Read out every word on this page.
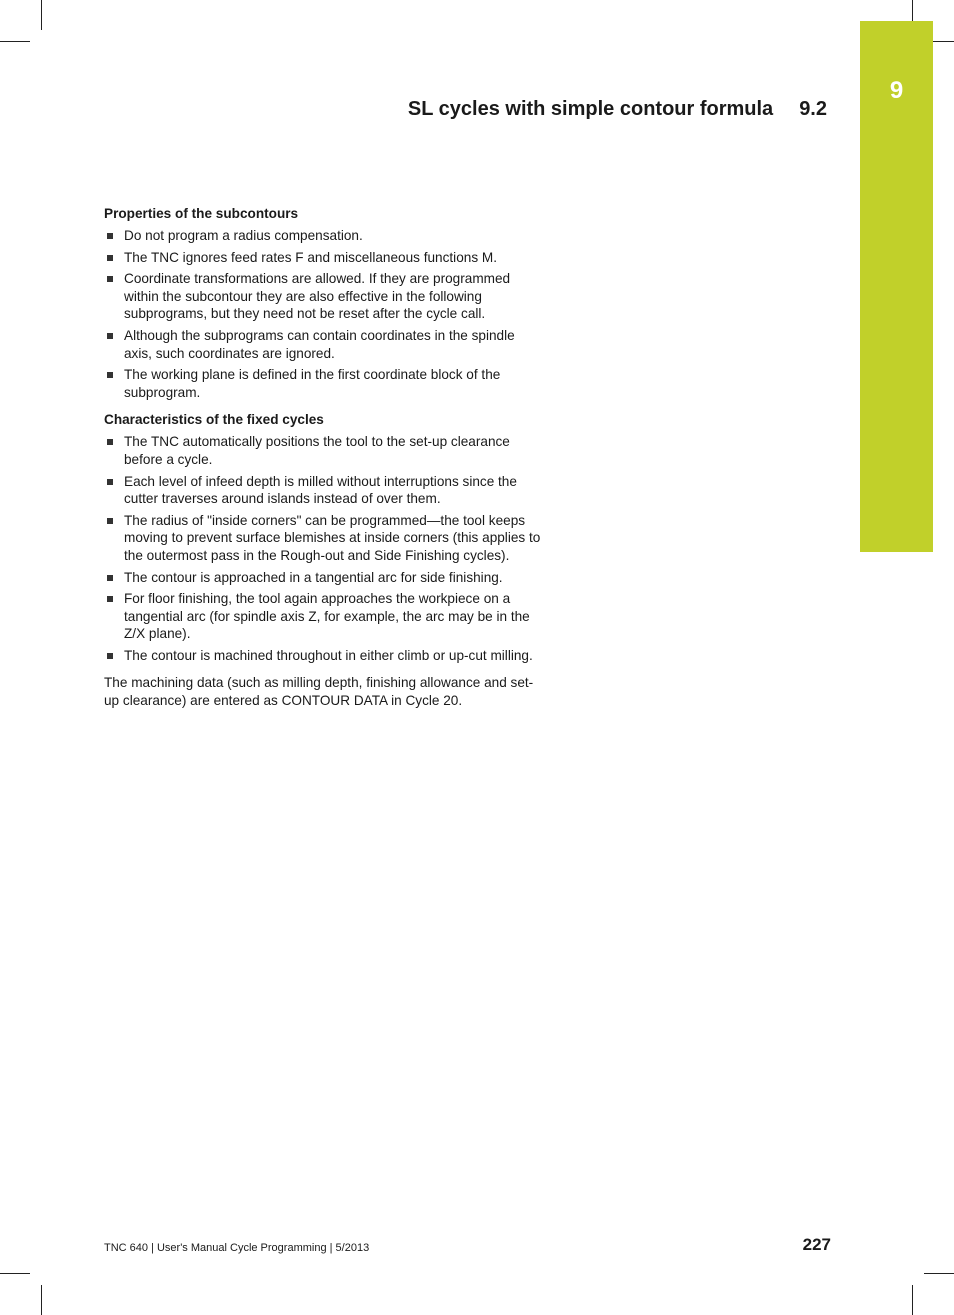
9
SL cycles with simple contour formula 9.2
Properties of the subcontours
Do not program a radius compensation.
The TNC ignores feed rates F and miscellaneous functions M.
Coordinate transformations are allowed. If they are programmed within the subcontour they are also effective in the following subprograms, but they need not be reset after the cycle call.
Although the subprograms can contain coordinates in the spindle axis, such coordinates are ignored.
The working plane is defined in the first coordinate block of the subprogram.
Characteristics of the fixed cycles
The TNC automatically positions the tool to the set-up clearance before a cycle.
Each level of infeed depth is milled without interruptions since the cutter traverses around islands instead of over them.
The radius of "inside corners" can be programmed—the tool keeps moving to prevent surface blemishes at inside corners (this applies to the outermost pass in the Rough-out and Side Finishing cycles).
The contour is approached in a tangential arc for side finishing.
For floor finishing, the tool again approaches the workpiece on a tangential arc (for spindle axis Z, for example, the arc may be in the Z/X plane).
The contour is machined throughout in either climb or up-cut milling.

The machining data (such as milling depth, finishing allowance and set-up clearance) are entered as CONTOUR DATA in Cycle 20.

TNC 640 | User's Manual Cycle Programming | 5/2013	227
